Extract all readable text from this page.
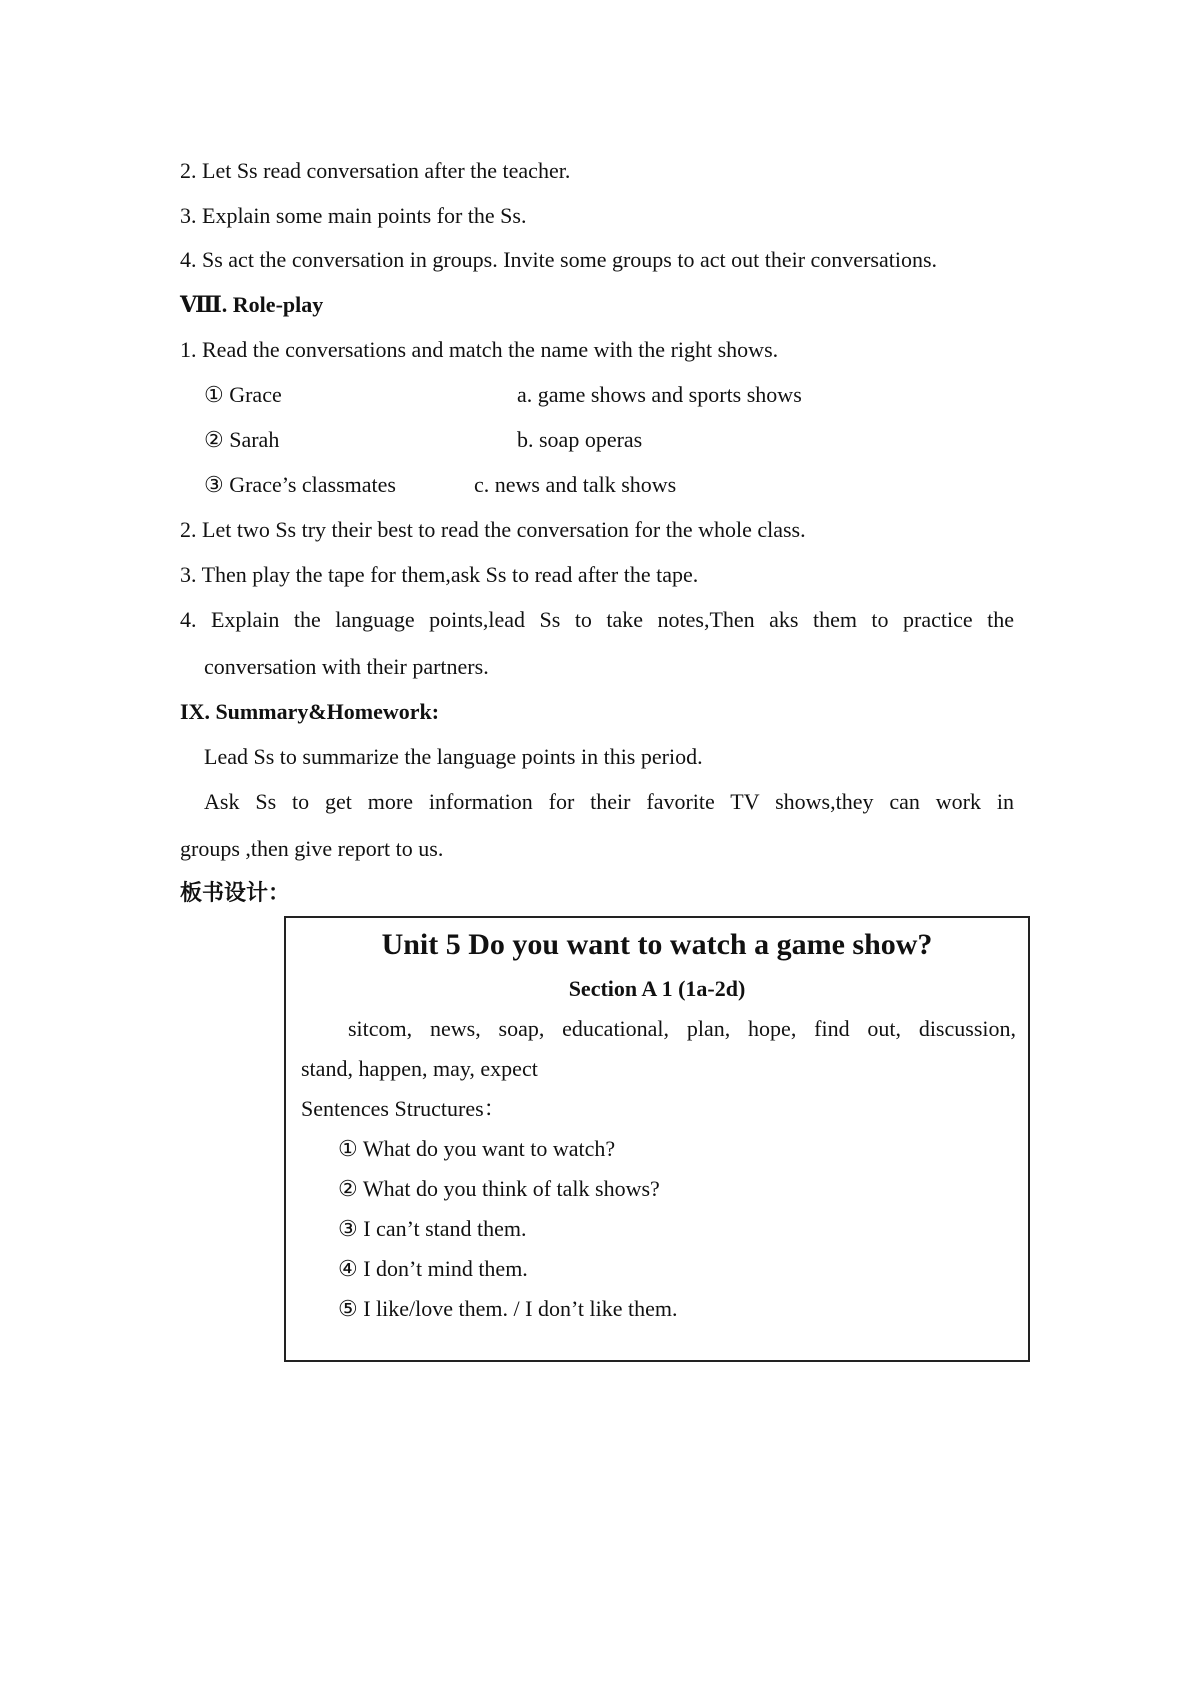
2. Let Ss read conversation after the teacher.
3. Explain some main points for the Ss.
4. Ss act the conversation in groups. Invite some groups to act out their conversations.
Ⅷ. Role-play
1. Read the conversations and match the name with the right shows.
① Grace	a. game shows and sports shows
② Sarah	b. soap operas
③ Grace’s classmates	c. news and talk shows
2. Let two Ss try their best to read the conversation for the whole class.
3. Then play the tape for them,ask Ss to read after the tape.
4. Explain the language points,lead Ss to take notes,Then aks them to practice the
conversation with their partners.
IX. Summary&Homework:
Lead Ss to summarize the language points in this period.
Ask Ss to get more information for their favorite TV shows,they can work in
groups ,then give report to us.
板书设计：
Unit 5 Do you want to watch a game show?
Section A 1 (1a-2d)
sitcom, news, soap, educational, plan, hope, find out, discussion,
stand, happen, may, expect
Sentences Structures：
① What do you want to watch?
② What do you think of talk shows?
③ I can’t stand them.
④ I don’t mind them.
⑤ I like/love them. / I don’t like them.
